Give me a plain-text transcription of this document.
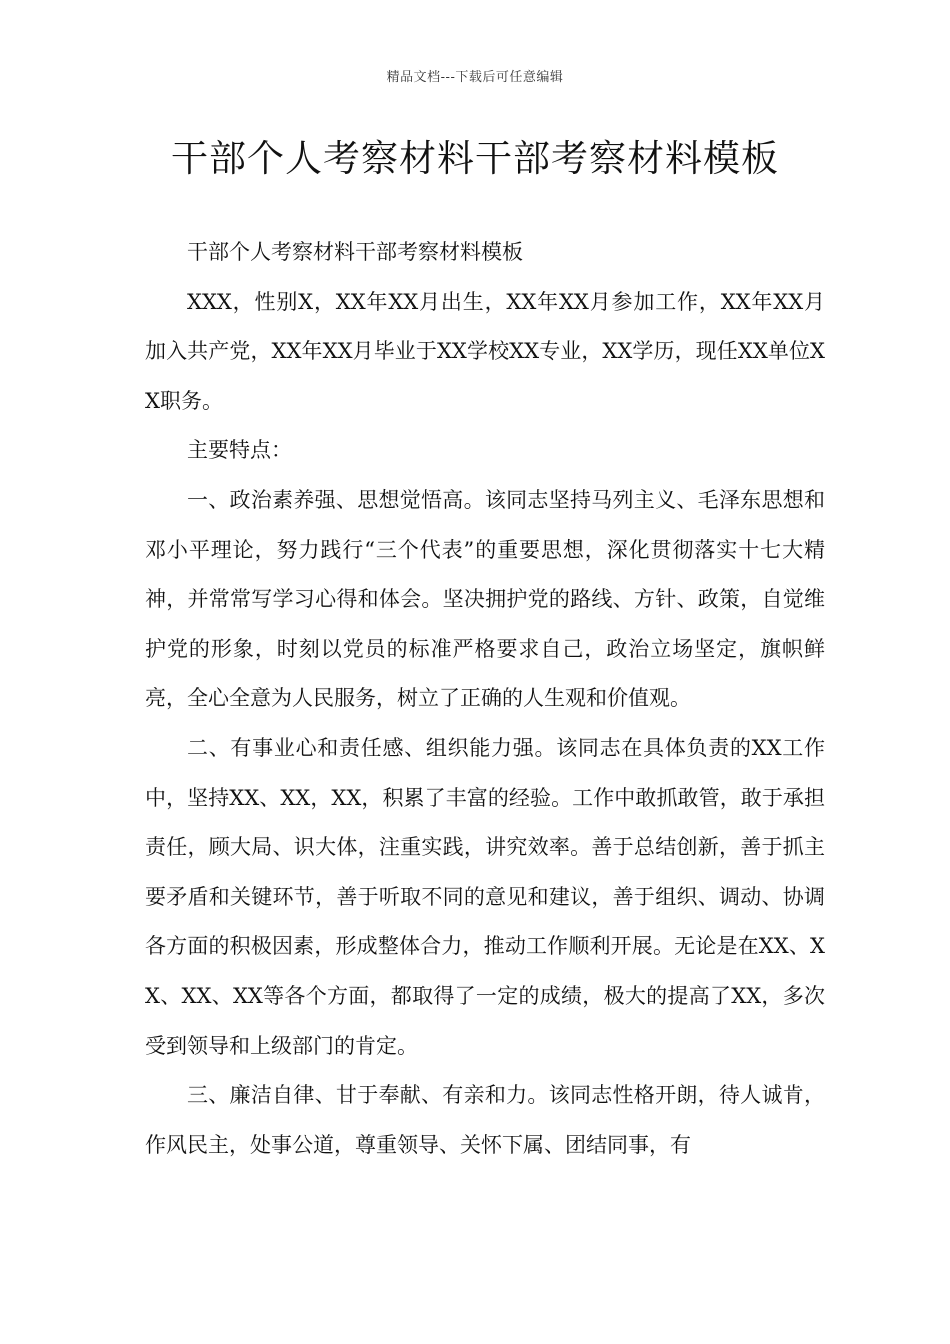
精品文档---下载后可任意编辑
干部个人考察材料干部考察材料模板

干部个人考察材料干部考察材料模板

XXX，性别X，XX年XX月出生，XX年XX月参加工作，XX年XX月加入共产党，XX年XX月毕业于XX学校XX专业，XX学历，现任XX单位XX职务。

主要特点：

一、政治素养强、思想觉悟高。该同志坚持马列主义、毛泽东思想和邓小平理论，努力践行“三个代表”的重要思想，深化贯彻落实十七大精神，并常常写学习心得和体会。坚决拥护党的路线、方针、政策，自觉维护党的形象，时刻以党员的标准严格要求自己，政治立场坚定，旗帜鲜亮，全心全意为人民服务，树立了正确的人生观和价值观。

二、有事业心和责任感、组织能力强。该同志在具体负责的XX工作中，坚持XX、XX，XX，积累了丰富的经验。工作中敢抓敢管，敢于承担责任，顾大局、识大体，注重实践，讲究效率。善于总结创新，善于抓主要矛盾和关键环节，善于听取不同的意见和建议，善于组织、调动、协调各方面的积极因素，形成整体合力，推动工作顺利开展。无论是在XX、XX、XX、XX等各个方面，都取得了一定的成绩，极大的提高了XX，多次受到领导和上级部门的肯定。

三、廉洁自律、甘于奉献、有亲和力。该同志性格开朗，待人诚肯，作风民主，处事公道，尊重领导、关怀下属、团结同事，有
